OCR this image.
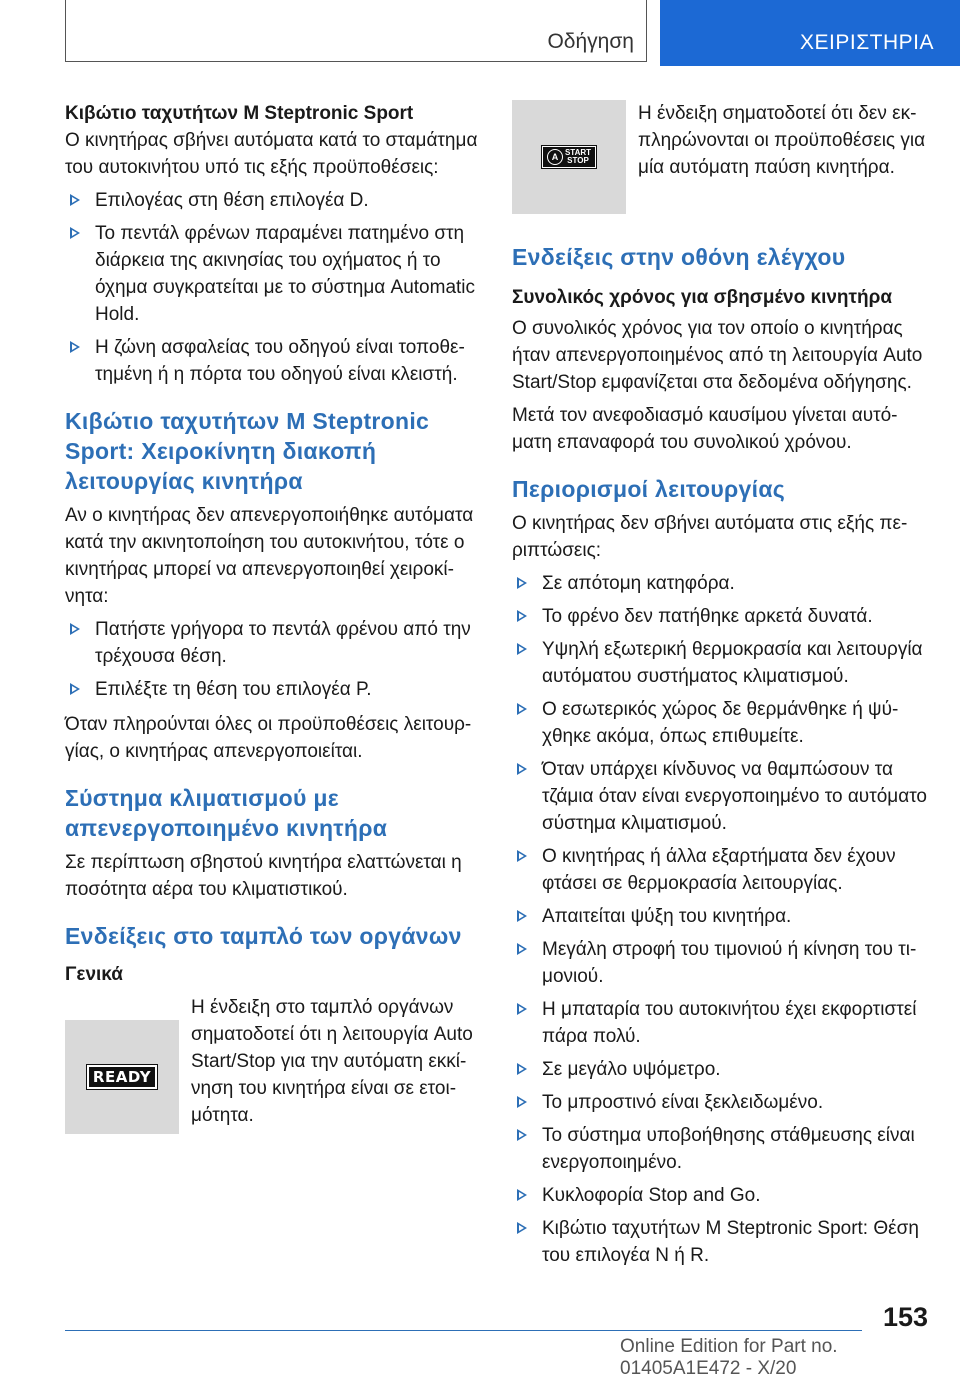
Οδήγηση	ΧΕΙΡΙΣΤΗΡΙΑ

Κιβώτιο ταχυτήτων M Steptronic Sport

Ο κινητήρας σβήνει αυτόματα κατά το σταμάτημα του αυτοκινήτου υπό τις εξής προϋποθέσεις:

Επιλογέας στη θέση επιλογέα D.
Το πεντάλ φρένων παραμένει πατημένο στη διάρκεια της ακινησίας του οχήματος ή το όχημα συγκρατείται με το σύστημα Automatic Hold.
Η ζώνη ασφαλείας του οδηγού είναι τοποθετημένη ή η πόρτα του οδηγού είναι κλειστή.
Κιβώτιο ταχυτήτων M Steptronic Sport: Χειροκίνητη διακοπή λειτουργίας κινητήρα

Αν ο κινητήρας δεν απενεργοποιήθηκε αυτόματα κατά την ακινητοποίηση του αυτοκινήτου, τότε ο κινητήρας μπορεί να απενεργοποιηθεί χειροκίνητα:

Πατήστε γρήγορα το πεντάλ φρένου από την τρέχουσα θέση.
Επιλέξτε τη θέση του επιλογέα P.

Όταν πληρούνται όλες οι προϋποθέσεις λειτουργίας, ο κινητήρας απενεργοποιείται.

Σύστημα κλιματισμού με απενεργοποιημένο κινητήρα

Σε περίπτωση σβηστού κινητήρα ελαττώνεται η ποσότητα αέρα του κλιματιστικού.

Ενδείξεις στο ταμπλό των οργάνων

Γενικά

READY
Η ένδειξη στο ταμπλό οργάνων σηματοδοτεί ότι η λειτουργία Auto Start/Stop για την αυτόματη εκκίνηση του κινητήρα είναι σε ετοιμότητα.
A START
STOP
Η ένδειξη σηματοδοτεί ότι δεν εκπληρώνονται οι προϋποθέσεις για μία αυτόματη παύση κινητήρα.
Ενδείξεις στην οθόνη ελέγχου

Συνολικός χρόνος για σβησμένο κινητήρα

Ο συνολικός χρόνος για τον οποίο ο κινητήρας ήταν απενεργοποιημένος από τη λειτουργία Auto Start/Stop εμφανίζεται στα δεδομένα οδήγησης.

Μετά τον ανεφοδιασμό καυσίμου γίνεται αυτόματη επαναφορά του συνολικού χρόνου.

Περιορισμοί λειτουργίας

Ο κινητήρας δεν σβήνει αυτόματα στις εξής περιπτώσεις:

Σε απότομη κατηφόρα.
Το φρένο δεν πατήθηκε αρκετά δυνατά.
Υψηλή εξωτερική θερμοκρασία και λειτουργία αυτόματου συστήματος κλιματισμού.
Ο εσωτερικός χώρος δε θερμάνθηκε ή ψύχθηκε ακόμα, όπως επιθυμείτε.
Όταν υπάρχει κίνδυνος να θαμπώσουν τα τζάμια όταν είναι ενεργοποιημένο το αυτόματο σύστημα κλιματισμού.
Ο κινητήρας ή άλλα εξαρτήματα δεν έχουν φτάσει σε θερμοκρασία λειτουργίας.
Απαιτείται ψύξη του κινητήρα.
Μεγάλη στροφή του τιμονιού ή κίνηση του τιμονιού.
Η μπαταρία του αυτοκινήτου έχει εκφορτιστεί πάρα πολύ.
Σε μεγάλο υψόμετρο.
Το μπροστινό είναι ξεκλειδωμένο.
Το σύστημα υποβοήθησης στάθμευσης είναι ενεργοποιημένο.
Κυκλοφορία Stop and Go.
Κιβώτιο ταχυτήτων M Steptronic Sport: Θέση του επιλογέα N ή R.
153
Online Edition for Part no. 01405A1E472 - X/20
